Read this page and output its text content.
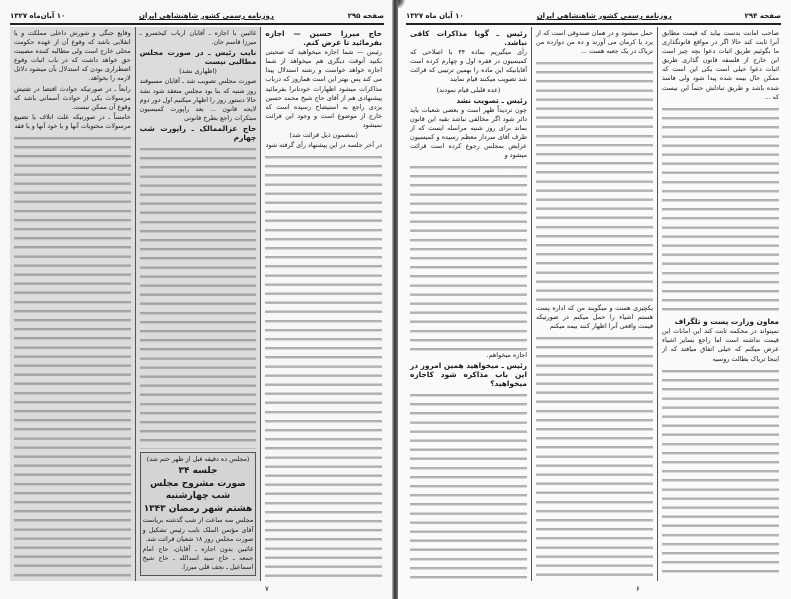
صفحه ۲۹۵
روزنامه رسمی کشور شاهنشاهی ایران
۱۰ آبان‌ماه ۱۳۲۷

حاج میرزا حسین — اجازه بفرمائید تا عرض کنم.

رئیس — شما اجازه میخواهید که صحبتی بکنید آنوقت دیگری هم میخواهد از شما اجازه خواهد خواست و رشته استدلال پیدا می کند پس بهتر این است هماروز که درباب مذاکرات میشود اظهارات خودتانرا بفرمائید پیشنهادی هم از آقای حاج شیخ محمد حسین یزدی راجع به استیضاح رسیده است که خارج از موضوع است و وجود این قرائت نمیشود

(بمضمون ذیل قرائت شد)

در آخر جلسه در این پیشنهاد رأی گرفته شود

غائبین با اجازه ـ آقایان ارباب کیخسرو ـ میرزا قاسم خان.

نایب رئیس ـ در صورت مجلس مطالبی نیست

(اظهاری نشد)

صورت مجلس تصویب شد ـ آقایان مسبوقند روز شنبه که بنا بود مجلس منعقد شود نشد حالا دستور روز را اظهار میکنیم اول دور دوم لایحه قانون ... بعد راپورت کمیسیون مبتکرات راجع بطرح قانونی

حاج عزالممالک ـ راپورت شب چهارم

(مجلس ده دقیقه قبل از ظهر ختم شد)

جلسه ۳۴

صورت مشروح مجلس شب چهارشنبه

هشتم شهر رمضان ۱۳۴۳

مجلس سه ساعت از شب گذشته بریاست آقای مؤتمن الملک نایب رئیس تشکیل و صورت مجلس روز ۱۸ شعبان قرائت شد.

غائبین بدون اجازه ـ آقایان، حاج امام جمعه ـ حاج سید اسدالله ـ حاج شیخ اسماعیل ـ نجف قلی میرزا.

وقایع جنگی و شورش داخلی مملکت و یا انقلابی باشد که وقوع آن از عهده حکومت محلی خارج است ولی مطالبه کننده مصیبت حق خواهد داشت که در باب اثبات وقوع اضطراری بودن که استدلال بآن میشود دلائل لازمه را بخواهد.

رابعاً ـ در صورتیکه حوادث اقتضا در تفتیش مرسولات یکی از حوادث آسمانی باشد که وقوع آن ممکن نیست.

خامساً ـ در صورتیکه علت اتلاف یا تضییع مرسولات محتویات آنها و یا خود آنها و یا فقد

۷
صفحه ۲۹۴
روزنامه رسمی کشور شاهنشاهی ایران
۱۰ آبان ماه ۱۳۲۷

صاحب امانت بدست بیاید که قیمت مطابق آنرا ثابت کند حالا اگر در مواقع قانونگذاری ما بگوئیم طریق اثبات دعوا بچه چیز است این خارج از فلسفه قانون گذاری طریق اثبات دعوا خیلی است یکی این است که ممکن حال بیمه شده پیدا شود ولی فاسد شده باشد و طریق تبادلش حتماً این نیست که ...

معاون وزارت پست و تلگراف

نمیتواند در محکمه ثابت کند این امانات این قیمت نداشته است اما راجع بسایر اشیاء عرض میکنم که خیلی اتفاق میافتد که از اینجا تریاک بطالت روسیه

حمل میشود و در همان صندوقی است که از یزد یا کرمان می آورند و ده من دوازده من تریاک در یک جعبه هست ...

یکچیزی هست و میگویند من که اداره پست هستم اشیاء را حمل میکنم در صورتیکه قیمت واقعی آنرا اظهار کنند بیمه میکنم

رئیس ـ گویا مذاکرات کافی نباشد.

رأی میگیریم بماده ۴۴ با اصلاحی که کمیسیون در فقره اول و چهارم کرده است آقایانیکه این ماده را بهمین ترتیبی که قرائت شد تصویب میکنند قیام نمایند

(عده قلیلی قیام نمودند)

رئیس ـ تصویب نشد

چون تردیداً ظهر است و بعضی شعبات باید دائر شود اگر مخالفی نباشد بقیه این قانون بماند برای روز شنبه مراسله ایست که از طرف آقای سردار معظم رسیده و کمیسیون عرایض بمجلس رجوع کرده است قرائت میشود و

اجازه میخواهم.

رئیس ـ میخواهید همین امروز در این باب مذاکره شود کاجازه میخواهید؟

۶
